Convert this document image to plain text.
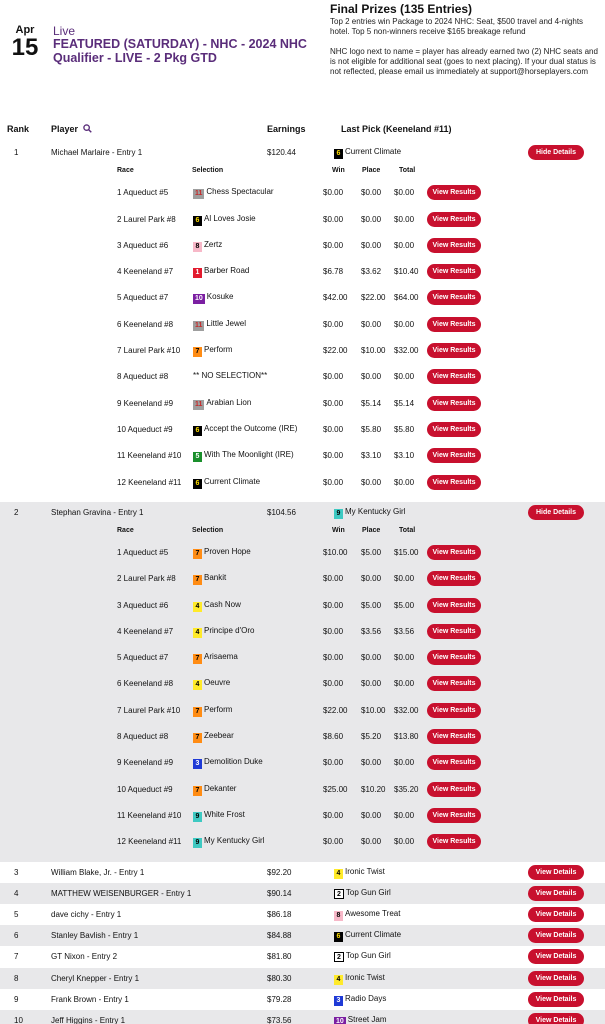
Apr
15
Live
FEATURED (SATURDAY) - NHC - 2024 NHC Qualifier - LIVE - 2 Pkg GTD
Final Prizes (135 Entries)

Top 2 entries win Package to 2024 NHC: Seat, $500 travel and 4-nights hotel. Top 5 non-winners receive $165 breakage refund

NHC logo next to name = player has already earned two (2) NHC seats and is not eligible for additional seat (goes to next placing). If your dual status is not reflected, please email us immediately at support@horseplayers.com

Rank Player	Earnings	Last Pick (Keeneland #11)
1	Michael Marlaire - Entry 1	$120.44	6 Current Climate	Hide Details
Race	Selection	Win Place	Total
1 Aqueduct #5	11 Chess Spectacular	$0.00 $0.00 $0.00	View Results
2 Laurel Park #8	6 Al Loves Josie	$0.00 $0.00 $0.00	View Results
3 Aqueduct #6	8 Zertz	$0.00 $0.00 $0.00	View Results
4 Keeneland #7	1 Barber Road	$6.78 $3.62 $10.40	View Results
5 Aqueduct #7	10 Kosuke	$42.00 $22.00 $64.00	View Results
6 Keeneland #8	11 Little Jewel	$0.00 $0.00 $0.00	View Results
7 Laurel Park #10	7 Perform	$22.00 $10.00 $32.00	View Results
8 Aqueduct #8	** NO SELECTION**	$0.00 $0.00 $0.00	View Results
9 Keeneland #9	11 Arabian Lion	$0.00 $5.14 $5.14	View Results
10 Aqueduct #9	6 Accept the Outcome (IRE)	$0.00 $5.80 $5.80	View Results
11 Keeneland #10	5 With The Moonlight (IRE)	$0.00 $3.10 $3.10	View Results
12 Keeneland #11	6 Current Climate	$0.00 $0.00 $0.00	View Results
2	Stephan Gravina - Entry 1	$104.56	9 My Kentucky Girl	Hide Details
Race	Selection	Win Place	Total
1 Aqueduct #5	7 Proven Hope	$10.00 $5.00 $15.00	View Results
2 Laurel Park #8	7 Bankit	$0.00 $0.00 $0.00	View Results
3 Aqueduct #6	4 Cash Now	$0.00 $5.00 $5.00	View Results
4 Keeneland #7	4 Principe d'Oro	$0.00 $3.56 $3.56	View Results
5 Aqueduct #7	7 Arisaema	$0.00 $0.00 $0.00	View Results
6 Keeneland #8	4 Oeuvre	$0.00 $0.00 $0.00	View Results
7 Laurel Park #10	7 Perform	$22.00 $10.00 $32.00	View Results
8 Aqueduct #8	7 Zeebear	$8.60 $5.20 $13.80	View Results
9 Keeneland #9	3 Demolition Duke	$0.00 $0.00 $0.00	View Results
10 Aqueduct #9	7 Dekanter	$25.00 $10.20 $35.20	View Results
11 Keeneland #10	9 White Frost	$0.00 $0.00 $0.00	View Results
12 Keeneland #11	9 My Kentucky Girl	$0.00 $0.00 $0.00	View Results
3	William Blake, Jr. - Entry 1	$92.20	4 Ironic Twist	View Details
4	MATTHEW WEISENBURGER - Entry 1	$90.14	2 Top Gun Girl	View Details
5	dave cichy - Entry 1	$86.18	8 Awesome Treat	View Details
6	Stanley Bavlish - Entry 1	$84.88	6 Current Climate	View Details
7	GT Nixon - Entry 2	$81.80	2 Top Gun Girl	View Details
8	Cheryl Knepper - Entry 1	$80.30	4 Ironic Twist	View Details
9	Frank Brown - Entry 1	$79.28	3 Radio Days	View Details
10	Jeff Higgins - Entry 1	$73.56	10 Street Jam	View Details
